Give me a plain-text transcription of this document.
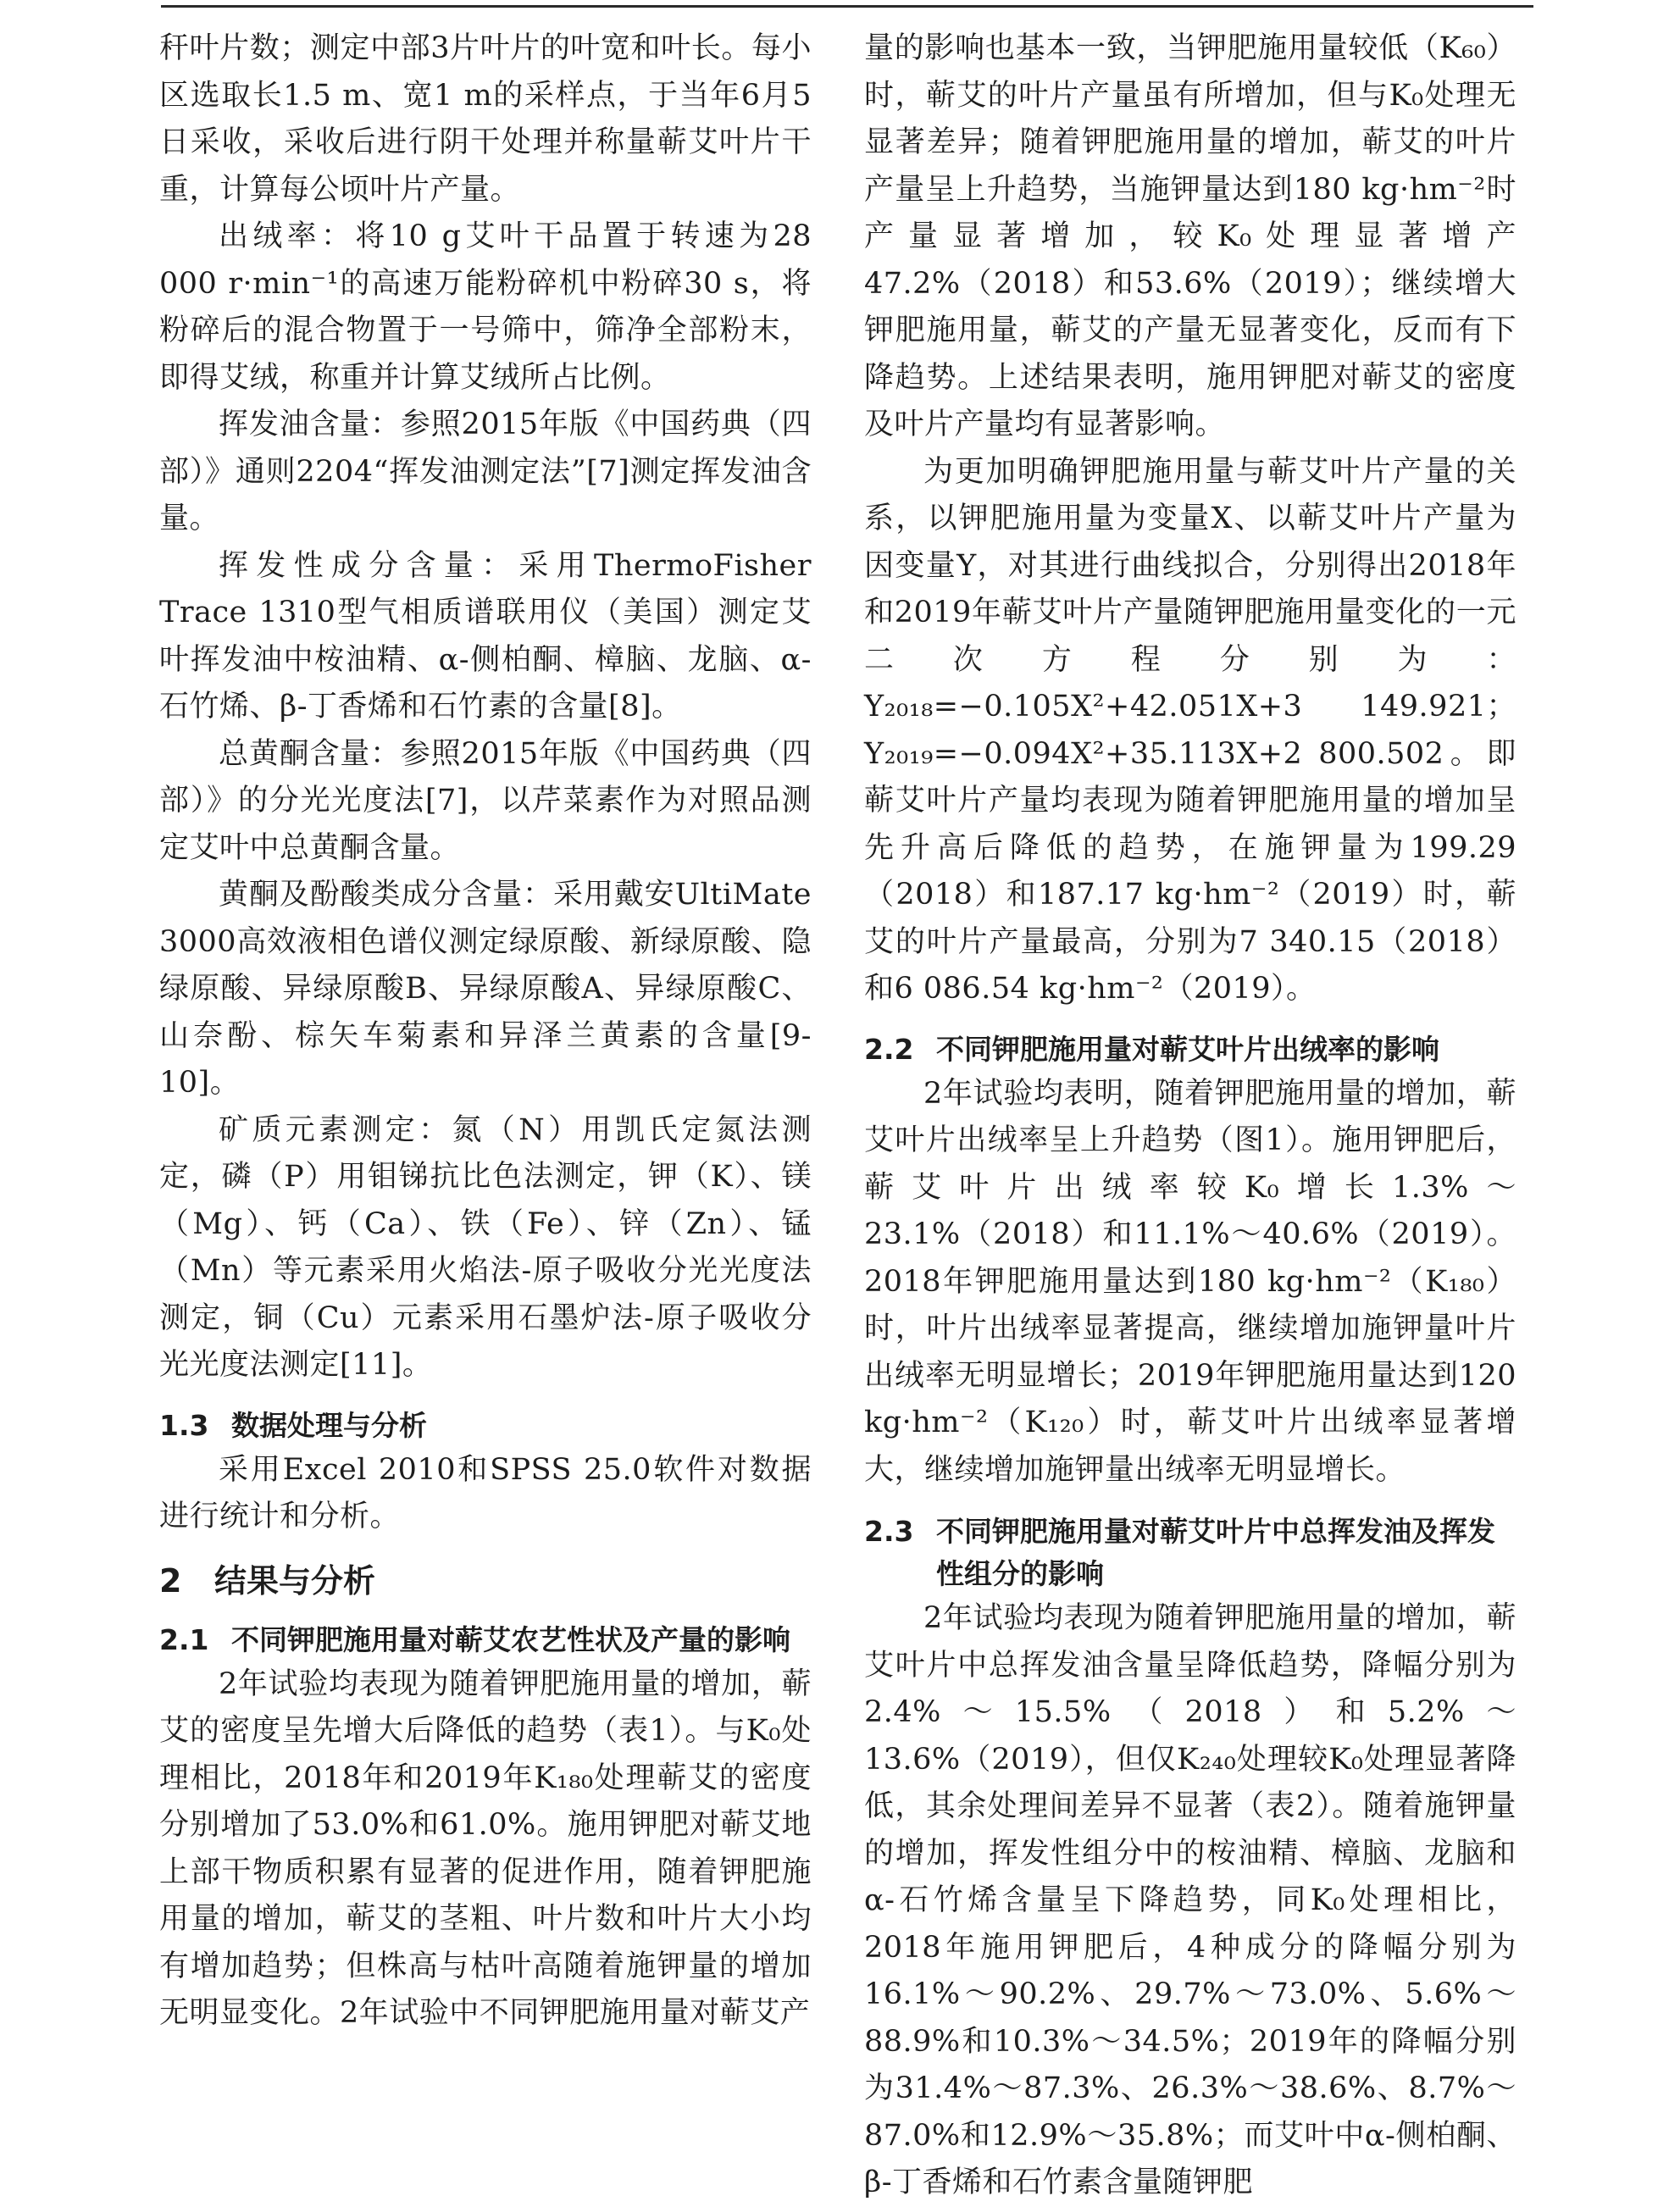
秆叶片数；测定中部3片叶片的叶宽和叶长。每小区选取长1.5 m、宽1 m的采样点，于当年6月5日采收，采收后进行阴干处理并称量蕲艾叶片干重，计算每公顷叶片产量。

出绒率：将10 g艾叶干品置于转速为28 000 r·min⁻¹的高速万能粉碎机中粉碎30 s，将粉碎后的混合物置于一号筛中，筛净全部粉末，即得艾绒，称重并计算艾绒所占比例。

挥发油含量：参照2015年版《中国药典（四部）》通则2204“挥发油测定法”[7]测定挥发油含量。

挥发性成分含量：采用ThermoFisher Trace 1310型气相质谱联用仪（美国）测定艾叶挥发油中桉油精、α-侧柏酮、樟脑、龙脑、α-石竹烯、β-丁香烯和石竹素的含量[8]。

总黄酮含量：参照2015年版《中国药典（四部）》的分光光度法[7]，以芹菜素作为对照品测定艾叶中总黄酮含量。

黄酮及酚酸类成分含量：采用戴安UltiMate 3000高效液相色谱仪测定绿原酸、新绿原酸、隐绿原酸、异绿原酸B、异绿原酸A、异绿原酸C、山奈酚、棕矢车菊素和异泽兰黄素的含量[9-10]。

矿质元素测定：氮（N）用凯氏定氮法测定，磷（P）用钼锑抗比色法测定，钾（K）、镁（Mg）、钙（Ca）、铁（Fe）、锌（Zn）、锰（Mn）等元素采用火焰法-原子吸收分光光度法测定，铜（Cu）元素采用石墨炉法-原子吸收分光光度法测定[11]。

1.3 数据处理与分析

采用Excel 2010和SPSS 25.0软件对数据进行统计和分析。

2 结果与分析
2.1 不同钾肥施用量对蕲艾农艺性状及产量的影响

2年试验均表现为随着钾肥施用量的增加，蕲艾的密度呈先增大后降低的趋势（表1）。与K₀处理相比，2018年和2019年K₁₈₀处理蕲艾的密度分别增加了53.0%和61.0%。施用钾肥对蕲艾地上部干物质积累有显著的促进作用，随着钾肥施用量的增加，蕲艾的茎粗、叶片数和叶片大小均有增加趋势；但株高与枯叶高随着施钾量的增加无明显变化。2年试验中不同钾肥施用量对蕲艾产

量的影响也基本一致，当钾肥施用量较低（K₆₀）时，蕲艾的叶片产量虽有所增加，但与K₀处理无显著差异；随着钾肥施用量的增加，蕲艾的叶片产量呈上升趋势，当施钾量达到180 kg·hm⁻²时产量显著增加，较K₀处理显著增产47.2%（2018）和53.6%（2019）；继续增大钾肥施用量，蕲艾的产量无显著变化，反而有下降趋势。上述结果表明，施用钾肥对蕲艾的密度及叶片产量均有显著影响。

为更加明确钾肥施用量与蕲艾叶片产量的关系，以钾肥施用量为变量X、以蕲艾叶片产量为因变量Y，对其进行曲线拟合，分别得出2018年和2019年蕲艾叶片产量随钾肥施用量变化的一元二次方程分别为：Y₂₀₁₈=−0.105X²+42.051X+3 149.921；Y₂₀₁₉=−0.094X²+35.113X+2 800.502。即蕲艾叶片产量均表现为随着钾肥施用量的增加呈先升高后降低的趋势，在施钾量为199.29（2018）和187.17 kg·hm⁻²（2019）时，蕲艾的叶片产量最高，分别为7 340.15（2018）和6 086.54 kg·hm⁻²（2019）。

2.2 不同钾肥施用量对蕲艾叶片出绒率的影响

2年试验均表明，随着钾肥施用量的增加，蕲艾叶片出绒率呈上升趋势（图1）。施用钾肥后，蕲艾叶片出绒率较K₀增长1.3%～23.1%（2018）和11.1%～40.6%（2019）。2018年钾肥施用量达到180 kg·hm⁻²（K₁₈₀）时，叶片出绒率显著提高，继续增加施钾量叶片出绒率无明显增长；2019年钾肥施用量达到120 kg·hm⁻²（K₁₂₀）时，蕲艾叶片出绒率显著增大，继续增加施钾量出绒率无明显增长。

2.3 不同钾肥施用量对蕲艾叶片中总挥发油及挥发性组分的影响

2年试验均表现为随着钾肥施用量的增加，蕲艾叶片中总挥发油含量呈降低趋势，降幅分别为2.4%～15.5%（2018）和5.2%～13.6%（2019），但仅K₂₄₀处理较K₀处理显著降低，其余处理间差异不显著（表2）。随着施钾量的增加，挥发性组分中的桉油精、樟脑、龙脑和α-石竹烯含量呈下降趋势，同K₀处理相比，2018年施用钾肥后，4种成分的降幅分别为16.1%～90.2%、29.7%～73.0%、5.6%～88.9%和10.3%～34.5%；2019年的降幅分别为31.4%～87.3%、26.3%～38.6%、8.7%～87.0%和12.9%～35.8%；而艾叶中α-侧柏酮、β-丁香烯和石竹素含量随钾肥
